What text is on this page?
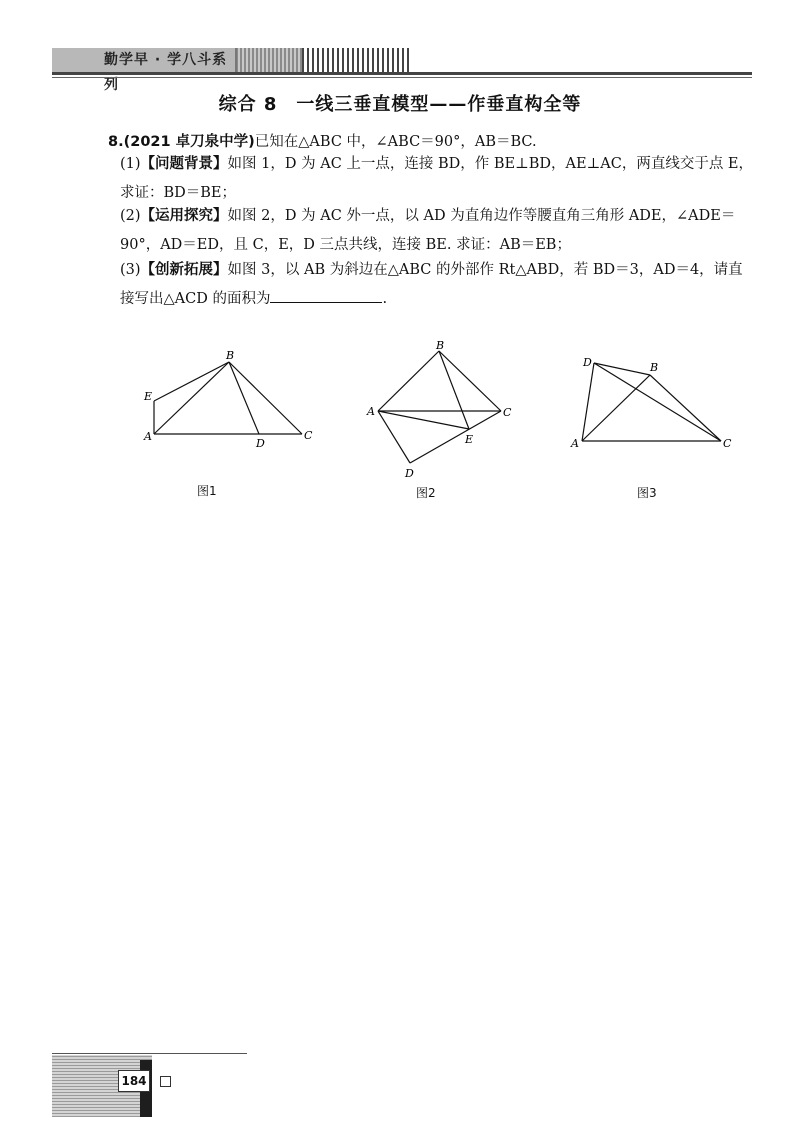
勤学早 · 学八斗系列
综合 8　一线三垂直模型——作垂直构全等
8.(2021 卓刀泉中学)已知在△ABC 中，∠ABC＝90°，AB＝BC.
(1)【问题背景】如图 1，D 为 AC 上一点，连接 BD，作 BE⊥BD，AE⊥AC，两直线交于点 E，求证：BD＝BE；
(2)【运用探究】如图 2，D 为 AC 外一点，以 AD 为直角边作等腰直角三角形 ADE，∠ADE＝90°，AD＝ED，且 C，E，D 三点共线，连接 BE. 求证：AB＝EB；
(3)【创新拓展】如图 3，以 AB 为斜边在△ABC 的外部作 Rt△ABD，若 BD＝3，AD＝4，请直接写出△ACD 的面积为	.
B
E
A
D
C
图1
B
A	C
E
D
图2
D	B
A	C
图3
184
